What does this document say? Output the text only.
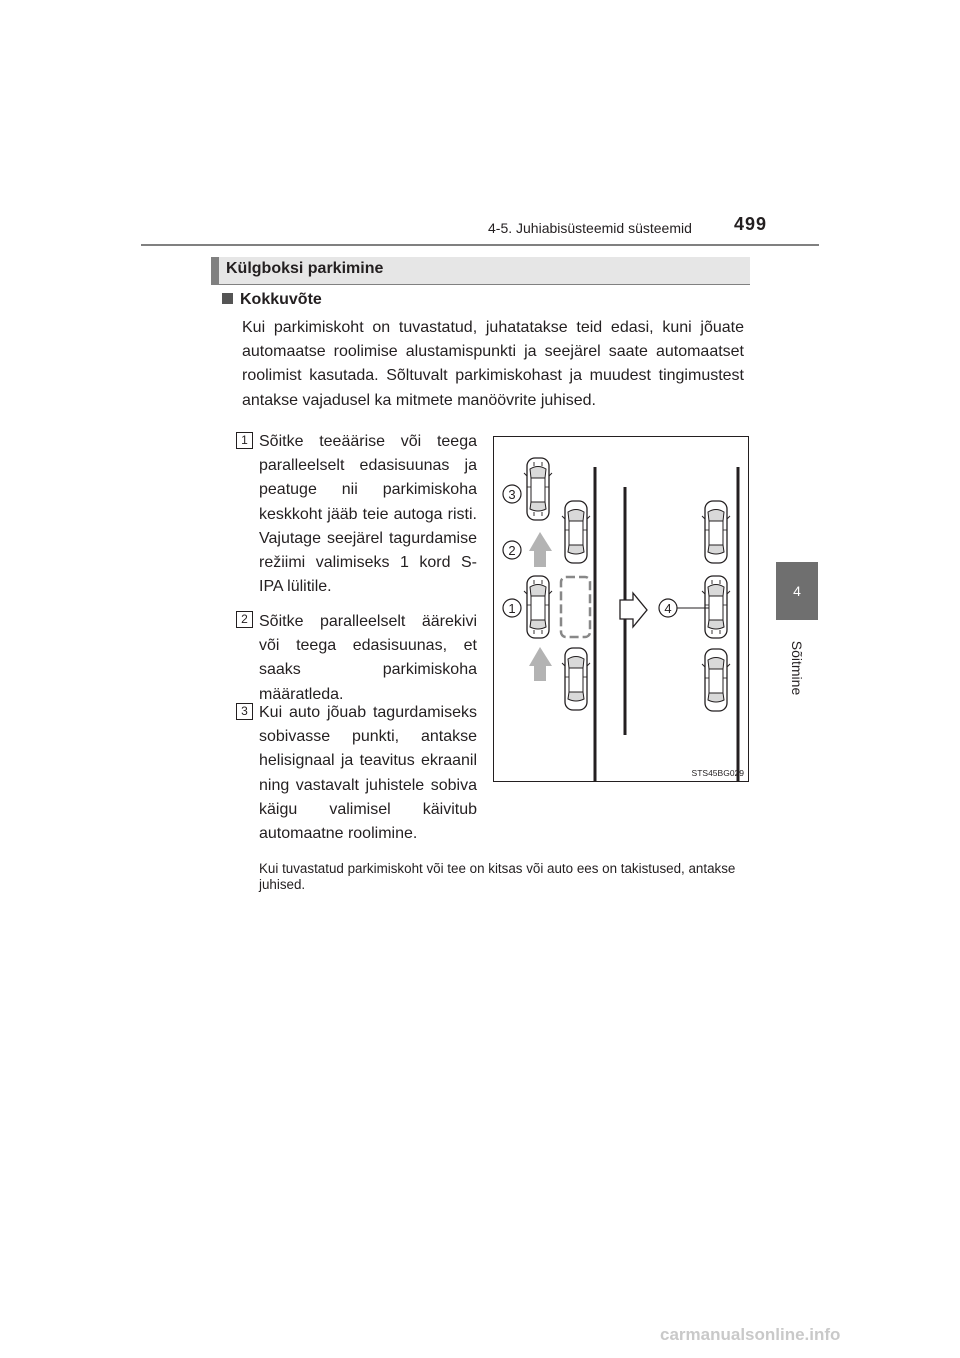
4-5. Juhiabisüsteemid süsteemid 499
4
Sõitmine
Külgboksi parkimine
Kokkuvõte
Kui parkimiskoht on tuvastatud, juhatatakse teid edasi, kuni jõuate automaatse roolimise alustamispunkti ja seejärel saate automaatset roolimist kasutada. Sõltuvalt parkimiskohast ja muudest tingimustest antakse vajadusel ka mitmete manöövrite juhised.
1 Sõitke teeäärise või teega paralleelselt edasisuunas ja peatuge nii parkimiskoha keskkoht jääb teie autoga risti. Vajutage seejärel tagurdamise režiimi valimiseks 1 kord S-IPA lülitile.
2 Sõitke paralleelselt äärekivi või teega edasisuunas, et saaks parkimiskoha määratleda.
3 Kui auto jõuab tagurdamiseks sobivasse punkti, antakse helisignaal ja teavitus ekraanil ning vastavalt juhistele sobiva käigu valimisel käivitub automaatne roolimine.
Kui tuvastatud parkimiskoht või tee on kitsas või auto ees on takistused, antakse juhised.
3
2
1	4
STS45BG029
carmanualsonline.info
